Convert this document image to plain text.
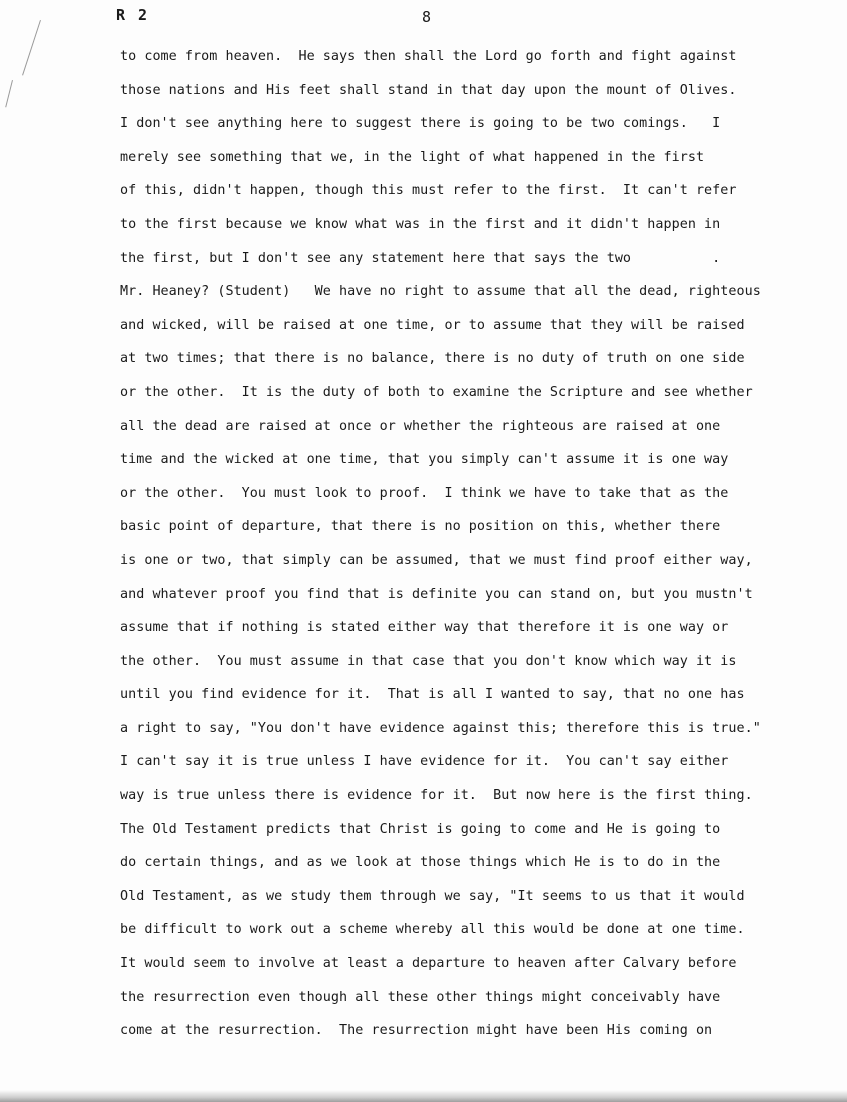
R 2	8
to come from heaven.  He says then shall the Lord go forth and fight against
those nations and His feet shall stand in that day upon the mount of Olives.
I don't see anything here to suggest there is going to be two comings.   I
merely see something that we, in the light of what happened in the first
of this, didn't happen, though this must refer to the first.  It can't refer
to the first because we know what was in the first and it didn't happen in
the first, but I don't see any statement here that says the two          .
Mr. Heaney? (Student)   We have no right to assume that all the dead, righteous
and wicked, will be raised at one time, or to assume that they will be raised
at two times; that there is no balance, there is no duty of truth on one side
or the other.  It is the duty of both to examine the Scripture and see whether
all the dead are raised at once or whether the righteous are raised at one
time and the wicked at one time, that you simply can't assume it is one way
or the other.  You must look to proof.  I think we have to take that as the
basic point of departure, that there is no position on this, whether there
is one or two, that simply can be assumed, that we must find proof either way,
and whatever proof you find that is definite you can stand on, but you mustn't
assume that if nothing is stated either way that therefore it is one way or
the other.  You must assume in that case that you don't know which way it is
until you find evidence for it.  That is all I wanted to say, that no one has
a right to say, "You don't have evidence against this; therefore this is true."
I can't say it is true unless I have evidence for it.  You can't say either
way is true unless there is evidence for it.  But now here is the first thing.
The Old Testament predicts that Christ is going to come and He is going to
do certain things, and as we look at those things which He is to do in the
Old Testament, as we study them through we say, "It seems to us that it would
be difficult to work out a scheme whereby all this would be done at one time.
It would seem to involve at least a departure to heaven after Calvary before
the resurrection even though all these other things might conceivably have
come at the resurrection.  The resurrection might have been His coming on
